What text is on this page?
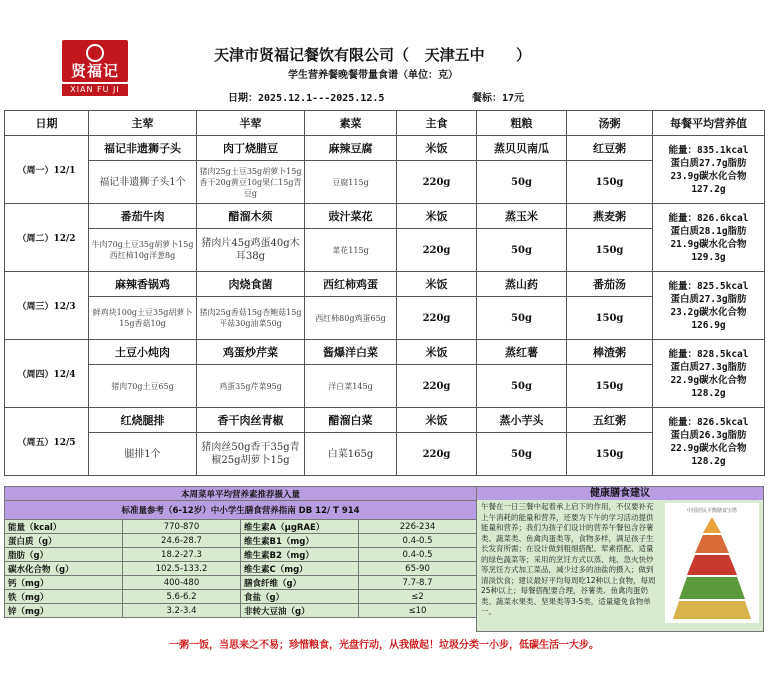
贤福记
XIAN FU JI
天津市贤福记餐饮有限公司（   天津五中      ）
学生营养餐晚餐带量食谱（单位：克）
日期：2025.12.1---2025.12.5	餐标：17元
日期	主荤	半荤	素菜	主食	粗粮	汤粥	每餐平均营养值
（周一）12/1	福记非遗狮子头	肉丁烧腊豆	麻辣豆腐	米饭	蒸贝贝南瓜	红豆粥	能量：835.1kcal
蛋白质27.7g脂肪
23.9g碳水化合物
127.2g

	福记非遗狮子头1个	猪肉25g土豆35g胡萝卜15g香干20g黄豆10g果仁15g青豆g	豆腐115g	220g	50g	150g	
（周二）12/2	番茄牛肉	醋溜木须	豉汁菜花	米饭	蒸玉米	燕麦粥	能量：826.6kcal
蛋白质28.1g脂肪
21.9g碳水化合物
129.3g

	牛肉70g土豆35g胡萝卜15g西红柿10g洋葱8g	猪肉片45g鸡蛋40g木耳38g	菜花115g	220g	50g	150g	
（周三）12/3	麻辣香锅鸡	肉烧食菌	西红柿鸡蛋	米饭	蒸山药	番茄汤	能量：825.5kcal
蛋白质27.3g脂肪
23.2g碳水化合物
126.9g

	鲜鸡块100g土豆35g胡萝卜15g香菇10g	猪肉25g香菇15g杏鲍菇15g平菇30g油菜50g	西红柿80g鸡蛋65g	220g	50g	150g	
（周四）12/4	土豆小炖肉	鸡蛋炒芹菜	酱爆洋白菜	米饭	蒸红薯	棒渣粥	能量：828.5kcal
蛋白质27.3g脂肪
22.9g碳水化合物
128.2g

	猪肉70g土豆65g	鸡蛋35g芹菜95g	洋白菜145g	220g	50g	150g	
（周五）12/5	红烧腿排	香干肉丝青椒	醋溜白菜	米饭	蒸小芋头	五红粥	能量：826.5kcal
蛋白质26.3g脂肪
22.9g碳水化合物
128.2g

	腿排1个	猪肉丝50g香干35g青椒25g胡萝卜15g	白菜165g	220g	50g	150g	
本周菜单平均营养素推荐摄入量			
标准量参考（6-12岁）中小学生膳食营养指南 DB 12/ T 914			
能量（kcal）	770-870	维生素A（μgRAE）	226-234
蛋白质（g）	24.6-28.7	维生素B1（mg）	0.4-0.5
脂肪（g）	18.2-27.3	维生素B2（mg）	0.4-0.5
碳水化合物（g）	102.5-133.2	维生素C（mg）	65-90
钙（mg）	400-480	膳食纤维（g）	7.7-8.7
铁（mg）	5.6-6.2	食盐（g）	≤2
锌（mg）	3.2-3.4	非转大豆油（g）	≤10
健康膳食建议
午餐在一日三餐中起着承上启下的作用，不仅要补充上午消耗的能量和营养，还要为下午的学习活动提供能量和营养；我们为孩子们设计的营养午餐包含谷薯类、蔬菜类、鱼禽肉蛋类等，食物多样，满足孩子生长发育所需；在设计做到粗细搭配、荤素搭配、适量的绿色蔬菜等；采用的烹饪方式以蒸、炖、急火快炒等烹饪方式加工菜品，减少过多的油盐的摄入；做到清淡饮食；建议最好平均每周吃12种以上食物，每周25种以上；每餐搭配要合理，谷薯类、鱼禽肉蛋奶类、蔬菜水果类、坚果类等3-5类，适量避免食物单一。
中国居民平衡膳食宝塔
一粥一饭，当思来之不易；珍惜粮食，光盘行动，从我做起！垃圾分类一小步，低碳生活一大步。
